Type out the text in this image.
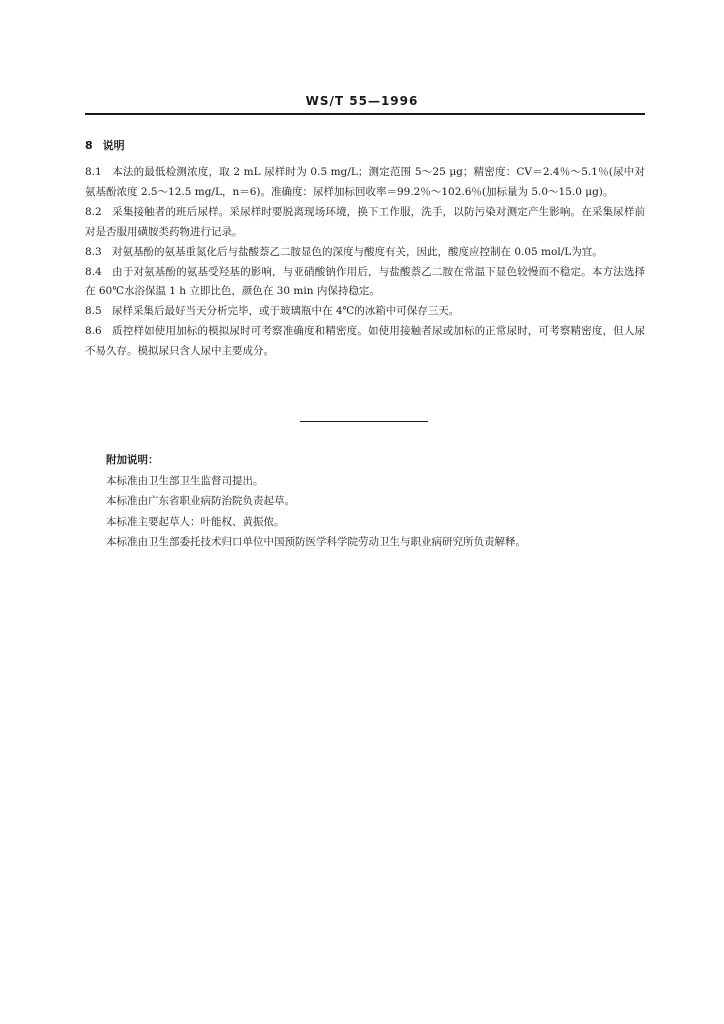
WS/T 55—1996
8 说明

8.1 本法的最低检测浓度，取 2 mL 尿样时为 0.5 mg/L；测定范围 5～25 μg；精密度：CV＝2.4％～5.1％(尿中对氨基酚浓度 2.5～12.5 mg/L，n＝6)。准确度：尿样加标回收率＝99.2％～102.6％(加标量为 5.0～15.0 μg)。

8.2 采集接触者的班后尿样。采尿样时要脱离现场环境，换下工作服，洗手，以防污染对测定产生影响。在采集尿样前对是否服用磺胺类药物进行记录。

8.3 对氨基酚的氨基重氮化后与盐酸萘乙二胺显色的深度与酸度有关，因此，酸度应控制在 0.05 mol/L为宜。

8.4 由于对氨基酚的氨基受羟基的影响，与亚硝酸钠作用后，与盐酸萘乙二胺在常温下显色较慢而不稳定。本方法选择在 60℃水浴保温 1 h 立即比色，颜色在 30 min 内保持稳定。

8.5 尿样采集后最好当天分析完毕，或于玻璃瓶中在 4℃的冰箱中可保存三天。

8.6 质控样如使用加标的模拟尿时可考察准确度和精密度。如使用接触者尿或加标的正常尿时，可考察精密度，但人尿不易久存。模拟尿只含人尿中主要成分。

附加说明：
本标准由卫生部卫生监督司提出。
本标准由广东省职业病防治院负责起草。
本标准主要起草人：叶能权、黄振侬。
本标准由卫生部委托技术归口单位中国预防医学科学院劳动卫生与职业病研究所负责解释。
